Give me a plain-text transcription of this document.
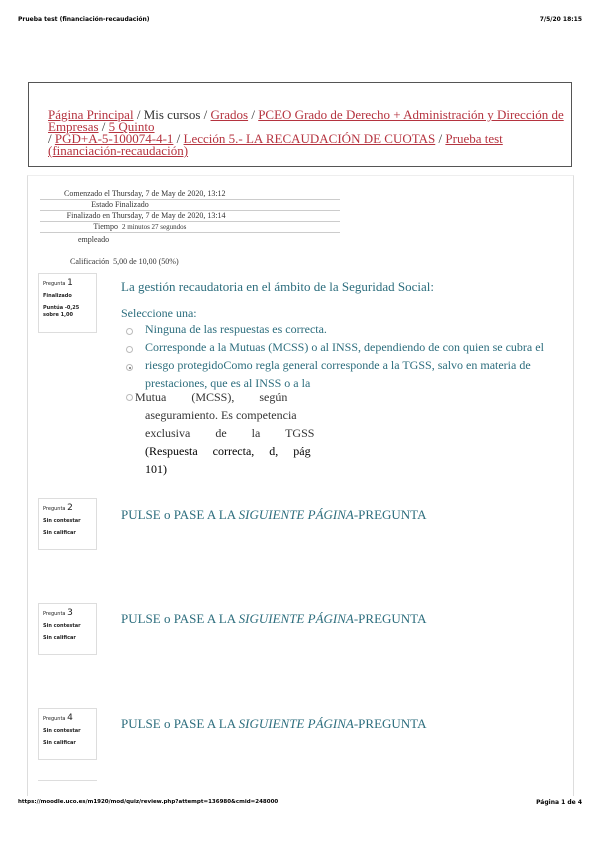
Prueba test (financiación-recaudación)	7/5/20 18:15
Página Principal / Mis cursos / Grados / PCEO Grado de Derecho + Administración y Dirección de Empresas / 5 Quinto
/ PGD+A-5-100074-4-1 / Lección 5.- LA RECAUDACIÓN DE CUOTAS / Prueba test (financiación-recaudación)
Comenzado el Thursday, 7 de May de 2020, 13:12
Estado Finalizado
Finalizado en Thursday, 7 de May de 2020, 13:14
Tiempo 2 minutos 27 segundos
empleado
Calificación 5,00 de 10,00 (50%)
Pregunta 1
Finalizado
Puntúa -0,25
sobre 1,00
La gestión recaudatoria en el ámbito de la Seguridad Social:
Seleccione una:
Ninguna de las respuestas es correcta.
Corresponde a la Mutuas (MCSS) o al INSS, dependiendo de con quien se cubra el
riesgo protegidoComo regla general corresponde a la TGSS, salvo en materia de
prestaciones, que es al INSS o a la
Mutua (MCSS), según
aseguramiento. Es competencia
exclusiva de la TGSS
(Respuesta correcta, d, pág
101)
Pregunta 2
Sin contestar
Sin calificar
PULSE o PASE A LA SIGUIENTE PÁGINA-PREGUNTA
Pregunta 3
Sin contestar
Sin calificar
PULSE o PASE A LA SIGUIENTE PÁGINA-PREGUNTA
Pregunta 4
Sin contestar
Sin calificar
PULSE o PASE A LA SIGUIENTE PÁGINA-PREGUNTA
https://moodle.uco.es/m1920/mod/quiz/review.php?attempt=136980&cmid=248000	Página 1 de 4
